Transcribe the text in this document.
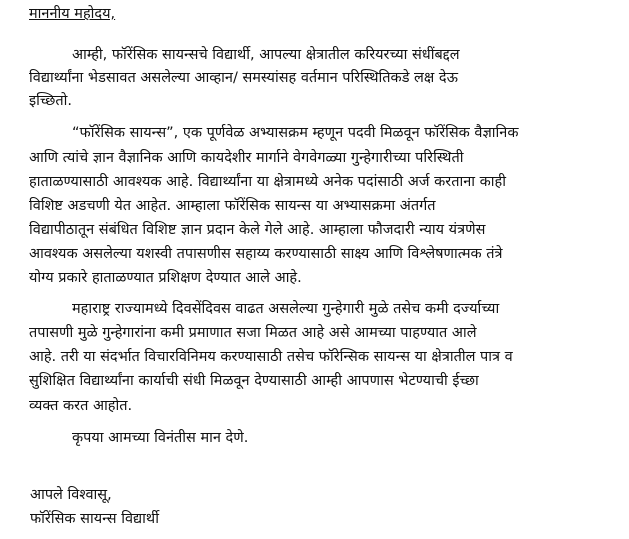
माननीय महोदय,
आम्ही, फॉरेंसिक सायन्सचे विद्यार्थी, आपल्या क्षेत्रातील करियरच्या संधींबद्दल
विद्यार्थ्यांना भेडसावत असलेल्या आव्हान/ समस्यांसह वर्तमान परिस्थितिकडे लक्ष देऊ
इच्छितो.
“फॉरेंसिक सायन्स”, एक पूर्णवेळ अभ्यासक्रम म्हणून पदवी मिळवून फॉरेंसिक वैज्ञानिक
आणि त्यांचे ज्ञान वैज्ञानिक आणि कायदेशीर मार्गाने वेगवेगळ्या गुन्हेगारीच्या परिस्थिती
हाताळण्यासाठी आवश्यक आहे. विद्यार्थ्यांना या क्षेत्रामध्ये अनेक पदांसाठी अर्ज करताना काही
विशिष्ट अडचणी येत आहेत. आम्हाला फॉरेंसिक सायन्स या अभ्यासक्रमा अंतर्गत
विद्यापीठातून संबंधित विशिष्ट ज्ञान प्रदान केले गेले आहे. आम्हाला फौजदारी न्याय यंत्रणेस
आवश्यक असलेल्या यशस्वी तपासणीस सहाय्य करण्यासाठी साक्ष्य आणि विश्लेषणात्मक तंत्रे
योग्य प्रकारे हाताळण्यात प्रशिक्षण देण्यात आले आहे.
महाराष्ट्र राज्यामध्ये दिवसेंदिवस वाढत असलेल्या गुन्हेगारी मुळे तसेच कमी दर्ज्याच्या
तपासणी मुळे गुन्हेगारांना कमी प्रमाणात सजा मिळत आहे असे आमच्या पाहण्यात आले
आहे. तरी या संदर्भात विचारविनिमय करण्यासाठी तसेच फॉरेन्सिक सायन्स या क्षेत्रातील पात्र व
सुशिक्षित विद्यार्थ्यांना कार्याची संधी मिळवून देण्यासाठी आम्ही आपणास भेटण्याची ईच्छा
व्यक्त करत आहोत.
कृपया आमच्या विनंतीस मान देणे.
आपले विश्वासू,
फॉरेंसिक सायन्स विद्यार्थी
